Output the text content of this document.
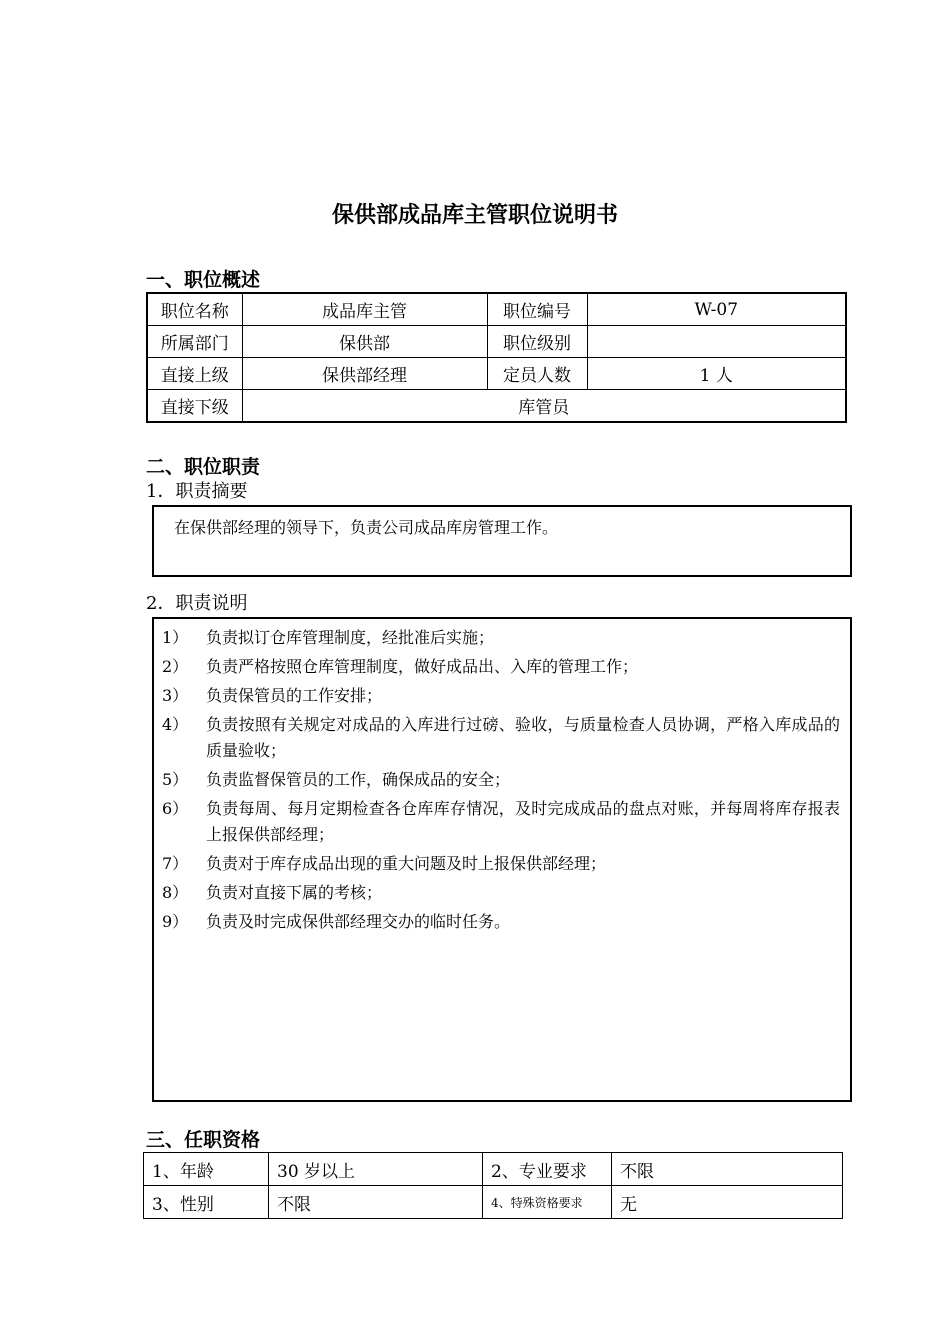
保供部成品库主管职位说明书
一、职位概述
职位名称	成品库主管	职位编号	W-07
所属部门	保供部	职位级别	
直接上级	保供部经理	定员人数	1 人
直接下级	库管员		
二、职位职责
1．职责摘要
在保供部经理的领导下，负责公司成品库房管理工作。
2．职责说明
1）	负责拟订仓库管理制度，经批准后实施；
2）	负责严格按照仓库管理制度，做好成品出、入库的管理工作；
3）	负责保管员的工作安排；
4）	负责按照有关规定对成品的入库进行过磅、验收，与质量检查人员协调，严格入库成品的质量验收；
5）	负责监督保管员的工作，确保成品的安全；
6）	负责每周、每月定期检查各仓库库存情况，及时完成成品的盘点对账，并每周将库存报表上报保供部经理；
7）	负责对于库存成品出现的重大问题及时上报保供部经理；
8）	负责对直接下属的考核；
9）	负责及时完成保供部经理交办的临时任务。
三、任职资格
1、年龄	30 岁以上	2、专业要求	不限
3、性别	不限	4、特殊资格要求	无
